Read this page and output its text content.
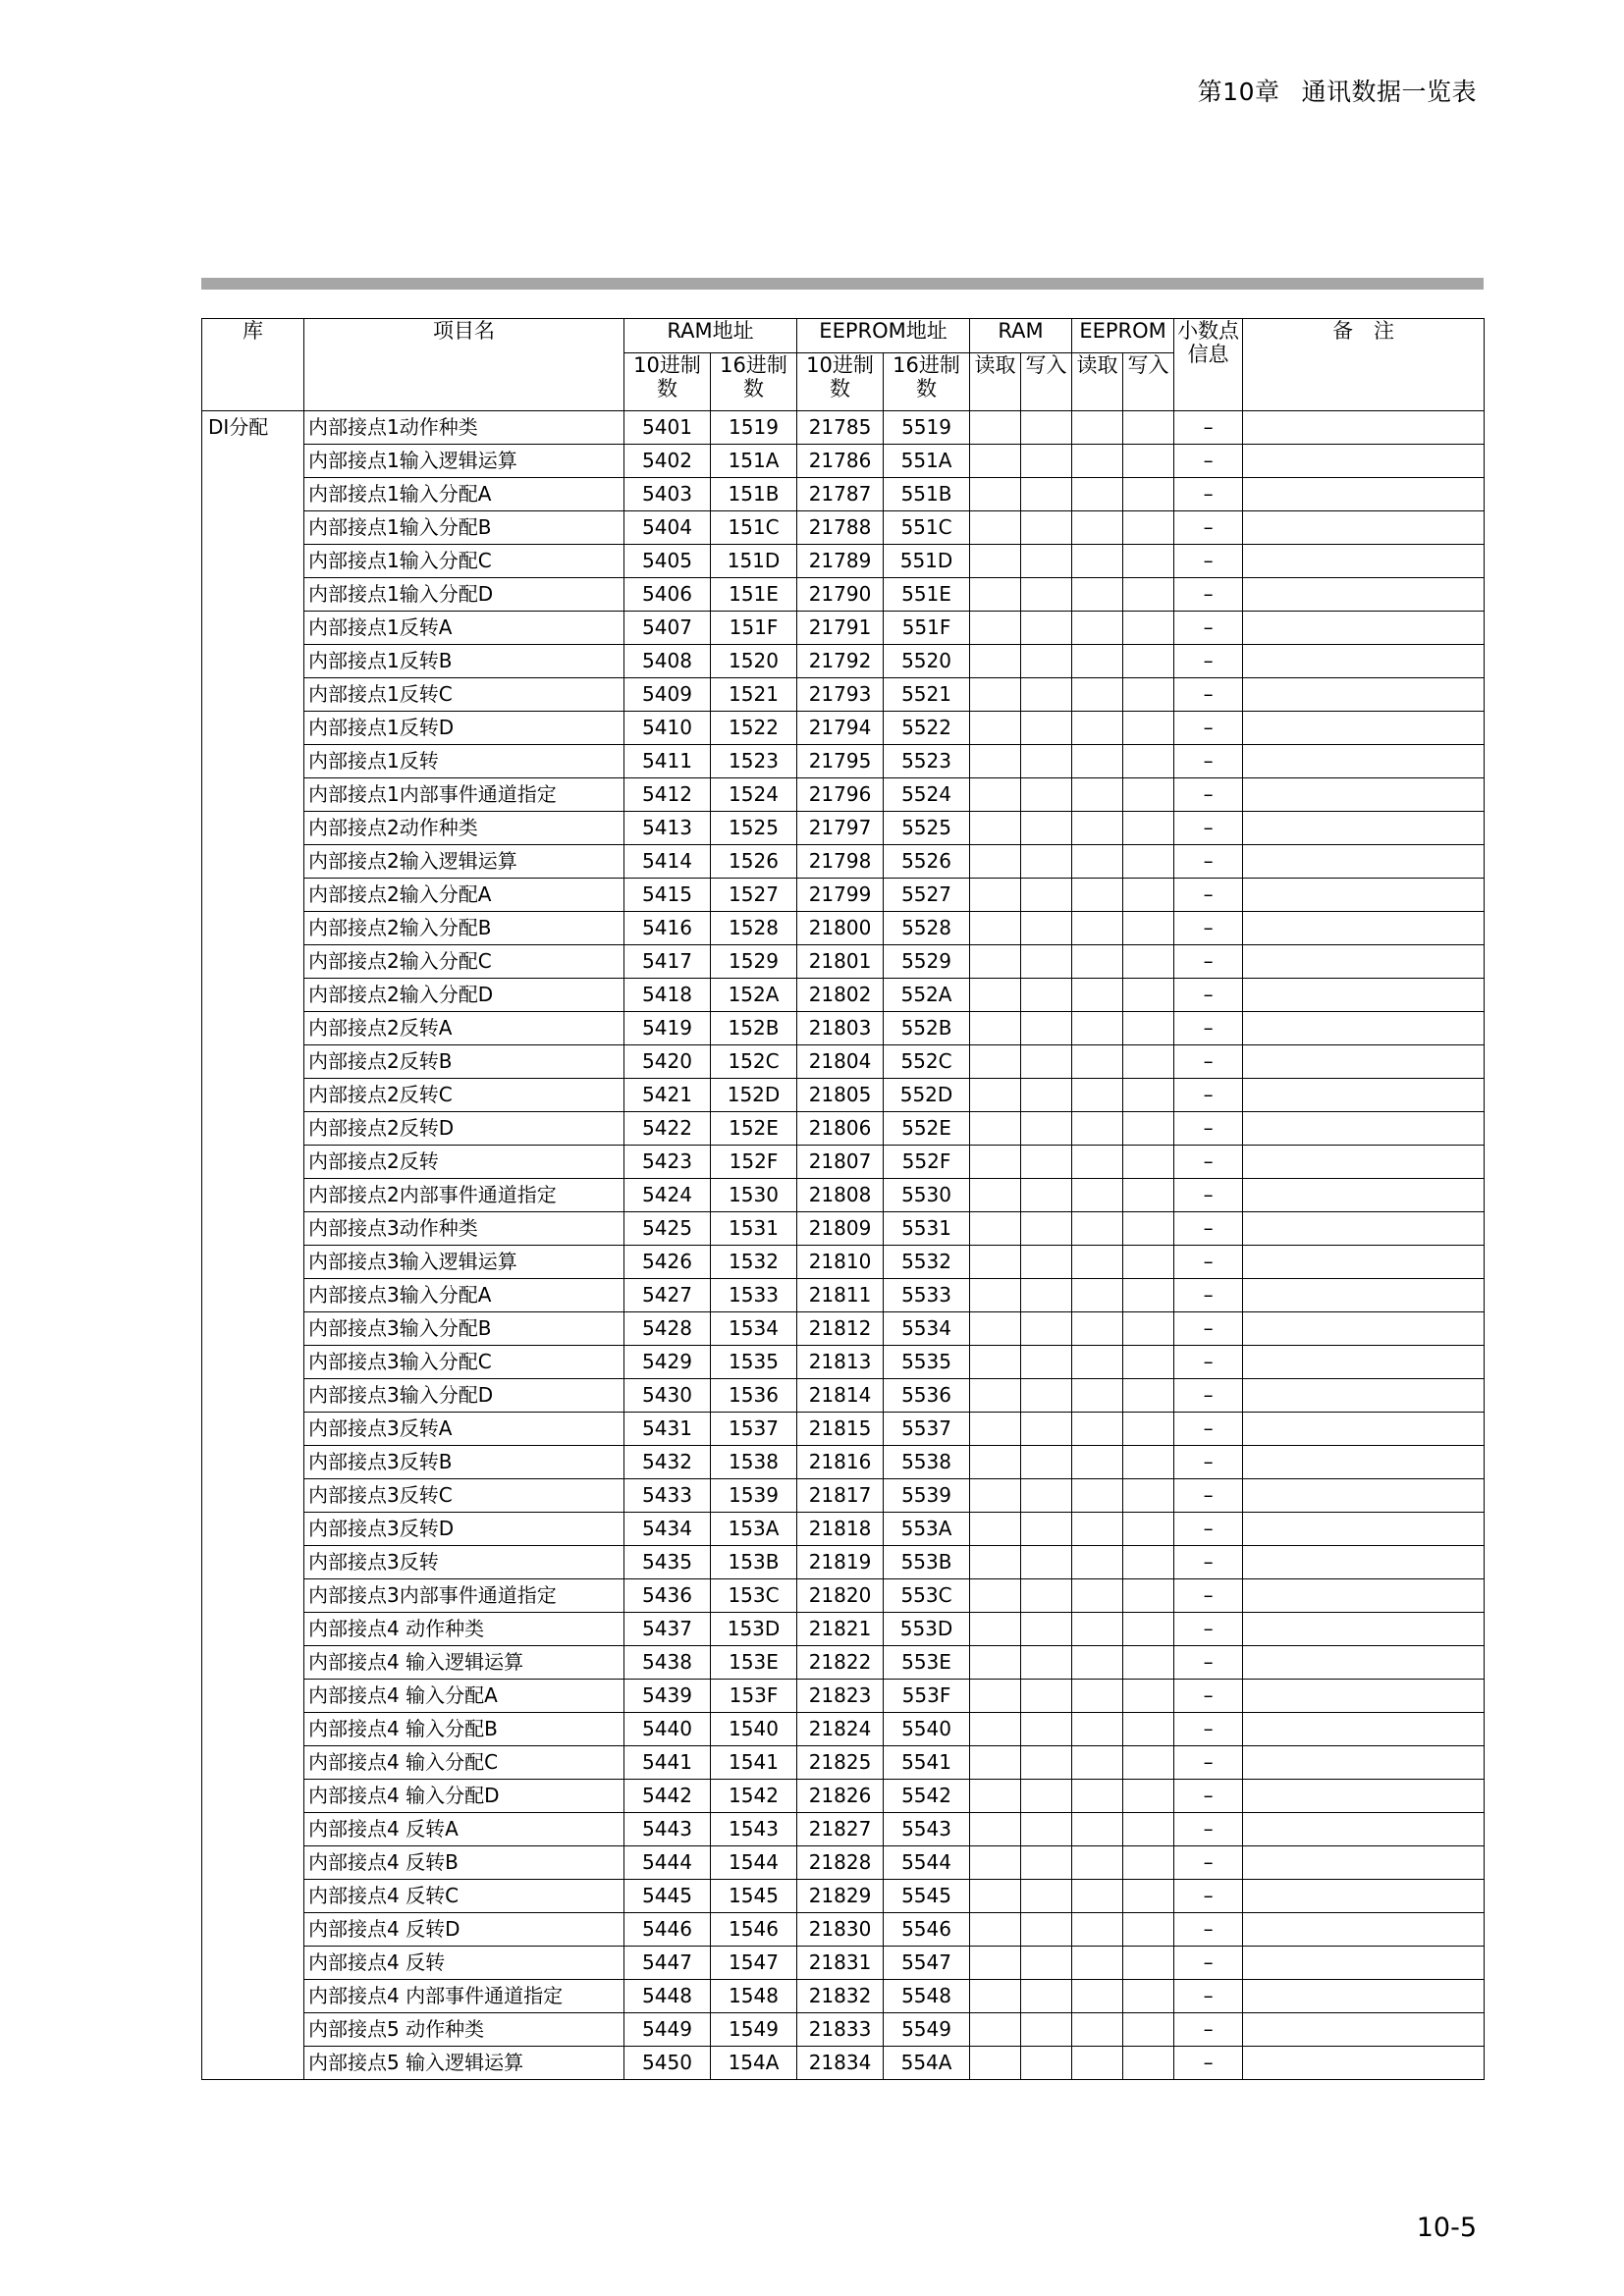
第10章 通讯数据一览表
库	项目名	RAM地址		EEPROM地址		RAM		EEPROM		小数点信息	备　注
		10进制数	16进制数	10进制数	16进制数	读取	写入	读取	写入		
DI分配	内部接点1动作种类	5401	1519	21785	5519					–	
	内部接点1输入逻辑运算	5402	151A	21786	551A					–	
	内部接点1输入分配A	5403	151B	21787	551B					–	
	内部接点1输入分配B	5404	151C	21788	551C					–	
	内部接点1输入分配C	5405	151D	21789	551D					–	
	内部接点1输入分配D	5406	151E	21790	551E					–	
	内部接点1反转A	5407	151F	21791	551F					–	
	内部接点1反转B	5408	1520	21792	5520					–	
	内部接点1反转C	5409	1521	21793	5521					–	
	内部接点1反转D	5410	1522	21794	5522					–	
	内部接点1反转	5411	1523	21795	5523					–	
	内部接点1内部事件通道指定	5412	1524	21796	5524					–	
	内部接点2动作种类	5413	1525	21797	5525					–	
	内部接点2输入逻辑运算	5414	1526	21798	5526					–	
	内部接点2输入分配A	5415	1527	21799	5527					–	
	内部接点2输入分配B	5416	1528	21800	5528					–	
	内部接点2输入分配C	5417	1529	21801	5529					–	
	内部接点2输入分配D	5418	152A	21802	552A					–	
	内部接点2反转A	5419	152B	21803	552B					–	
	内部接点2反转B	5420	152C	21804	552C					–	
	内部接点2反转C	5421	152D	21805	552D					–	
	内部接点2反转D	5422	152E	21806	552E					–	
	内部接点2反转	5423	152F	21807	552F					–	
	内部接点2内部事件通道指定	5424	1530	21808	5530					–	
	内部接点3动作种类	5425	1531	21809	5531					–	
	内部接点3输入逻辑运算	5426	1532	21810	5532					–	
	内部接点3输入分配A	5427	1533	21811	5533					–	
	内部接点3输入分配B	5428	1534	21812	5534					–	
	内部接点3输入分配C	5429	1535	21813	5535					–	
	内部接点3输入分配D	5430	1536	21814	5536					–	
	内部接点3反转A	5431	1537	21815	5537					–	
	内部接点3反转B	5432	1538	21816	5538					–	
	内部接点3反转C	5433	1539	21817	5539					–	
	内部接点3反转D	5434	153A	21818	553A					–	
	内部接点3反转	5435	153B	21819	553B					–	
	内部接点3内部事件通道指定	5436	153C	21820	553C					–	
	内部接点4 动作种类	5437	153D	21821	553D					–	
	内部接点4 输入逻辑运算	5438	153E	21822	553E					–	
	内部接点4 输入分配A	5439	153F	21823	553F					–	
	内部接点4 输入分配B	5440	1540	21824	5540					–	
	内部接点4 输入分配C	5441	1541	21825	5541					–	
	内部接点4 输入分配D	5442	1542	21826	5542					–	
	内部接点4 反转A	5443	1543	21827	5543					–	
	内部接点4 反转B	5444	1544	21828	5544					–	
	内部接点4 反转C	5445	1545	21829	5545					–	
	内部接点4 反转D	5446	1546	21830	5546					–	
	内部接点4 反转	5447	1547	21831	5547					–	
	内部接点4 内部事件通道指定	5448	1548	21832	5548					–	
	内部接点5 动作种类	5449	1549	21833	5549					–	
	内部接点5 输入逻辑运算	5450	154A	21834	554A					–	
10-5
